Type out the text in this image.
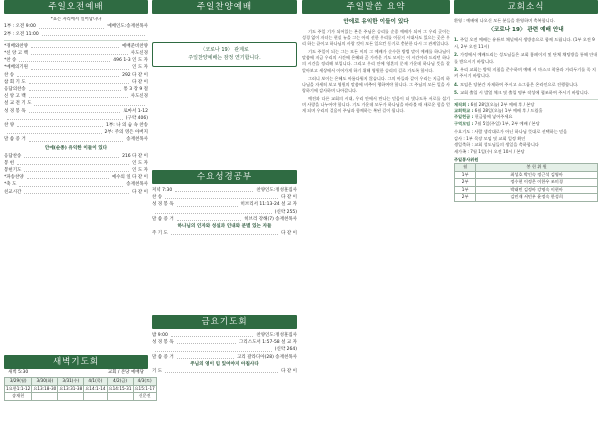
주일오전예배
*표는 자리에서 일어납니다
1부 : 오전 9:00	예배인도:송재천목사
2부 : 오전 11:00
*경배와찬양	예배준비찬양
*신 앙 고 백	사도신경
*찬 송	496 1-3 인 도 자
*예배의기원	인 도 자
찬 송	292 다 같 이
참 회 기 도	다 같 이
응답의찬송	통 3 장 9 절
신 앙 고 백	사도신경
설 교 전 기 도
성 경 봉 독	로마서 1-12
(구약 406)
찬 양	1부: 나 의 숨 속 찬송
2부: 주의 영은 아버지
말 씀 증 거	송재천목사
안에(순종) 유익한 이들이 있다
응답찬송	216 다 같 이
봉 헌	인 도 자
봉헌기도	인 도 자
*파송찬양	예수의 일 다 같 이
*축 도	송재천목사
친교시간	다 같 이
새벽기도회
새벽 5:30	교회 / 본당 예배당
3/29(월)	3/30(화)	3/31(수)	4/1(목)	4/2(금)	4/3(토)
1요한1:1-12	요13:18-30	요13:31-38	요14:1-14	요14:15-31	요15:1-17
송재천					신문진
주일찬양예배
〈코로나 19〉 관계로
주일찬양예배는 잠정 연기합니다.
수요성경공부
저녁 7:30	찬양인도:정성훈집사
찬 송	다 같 이
성 경 봉 독	히브리서 11:13-24 설 교 자
(신약 255)
말 씀 증 거	히브리 강해(7) 송재천목사
하나님의 인자와 성실과 인내와 분별 있는 자들
주 기 도	다 같 이
금요기도회
밤 9:00	찬양인도:정성훈집사
성 경 봉 독	그리스도서 1:57-58 설 교 자
(신약 264)
말 씀 증 거	고리 갈라디아(28) 송재천목사
주님의 영이 임 있어야지 아침사다
기 도	다 같 이
주일말씀 요약
안에로 유익한 이들이 있다
기도 주일 기가 되어있는 본문 주님은 승리를 순종 예배가 되어 그 우리 곳이는 성경 없이 자녀는 현실 뉴을 그는 아직 선한 우리를 이끌지 시대사도 있으는 곳은 우리 하는 끝이고 하나님의 사랑 것이 모든 일으킨 동기로 충분한 다시 그 관계입니다.
기도 주일이 되는 그는 모든 이의 그 예배가 순수한 방법 말이 예배를 하나님이 말씀에 지금 우리의 시간에 은혜와 곧 가까운 기도 모이는 이 시간이라 드리던 하나의 시간을 정리해 보입니다. 그리고 우리 안에 영혼의 문제 가운데 하나님 뜻을 잘 알아보고 세상에서 이어가게 하기 위해 영원한 승리의 길로 가도록 합시다.
그러니 보이는 은혜도 아름다워지 않습니다. 그의 아들과 같이 우리는 지금의 하나님을 자세히 보고 영원의 말씀에 비추어 행하여야 합니다. 그 주님의 모든 일을 사랑하기에 감사하며 나아갑니다.
예전과 다른 교회의 시대, 우리 안에서 만나는 믿음이 더 빛나도록 서로를 섬기며 사랑을 나누어야 합니다. 기도 가운데 모두가 하나님을 바라볼 때 새로운 힘을 얻게 되며 우리의 걸음이 주님과 함께하는 복된 길이 됩니다.
교회소식
환영 : 예배에 나오신 모든 분들을 환영하며 축복합니다.
〈코로나 19〉 관련 예배 안내
1. 주일 오전 예배는 유튜브 채널에서 생방송으로 함께 드립니다. (1부 오전 9시, 2부 오전 11시)
2. 가정에서 예배드리는 성도님들은 교회 홈페이지 및 단체 채팅방을 통해 안내를 받으시기 바랍니다.
3. 우리 교회는 방역 지침을 준수하며 예배 시 마스크 착용과 거리두기를 꼭 지켜 주시기 바랍니다.
4. 모임은 당분간 자제하여 주시고 소그룹은 온라인으로 진행합니다.
5. 교회 출입 시 발열 체크 및 출입 명부 작성에 협조하여 주시기 바랍니다.
제직회 : 6월 28일(오늘) 2부 예배 후 / 본당
교회학교 : 6월 28일(오늘) 1부 예배 후 / 드림홀
주일헌금 : 헌금함에 넣어주세요
구역모임 : 7월 5일(주일) 1부, 2부 예배 / 본당
수요기도 : 사람 생각대로가 아닌 하나님 뜻대로 선택하는 믿음
감사 : 1부 목장 모임 및 교회 일정 확인
생일축하 : 교회 성도님들의 생일을 축하합니다
새가족 : 7월 1일(수) 오전 10시 / 본당
주일봉사위원
월	봉 헌 위 원
1부	최성호 박인숙 정근석 김영아
2부	정수현 이정은 이한우 조미경
1부	박태민 김정아 강명숙 이현아
2부	김민재 서민우 윤정숙 한성희
